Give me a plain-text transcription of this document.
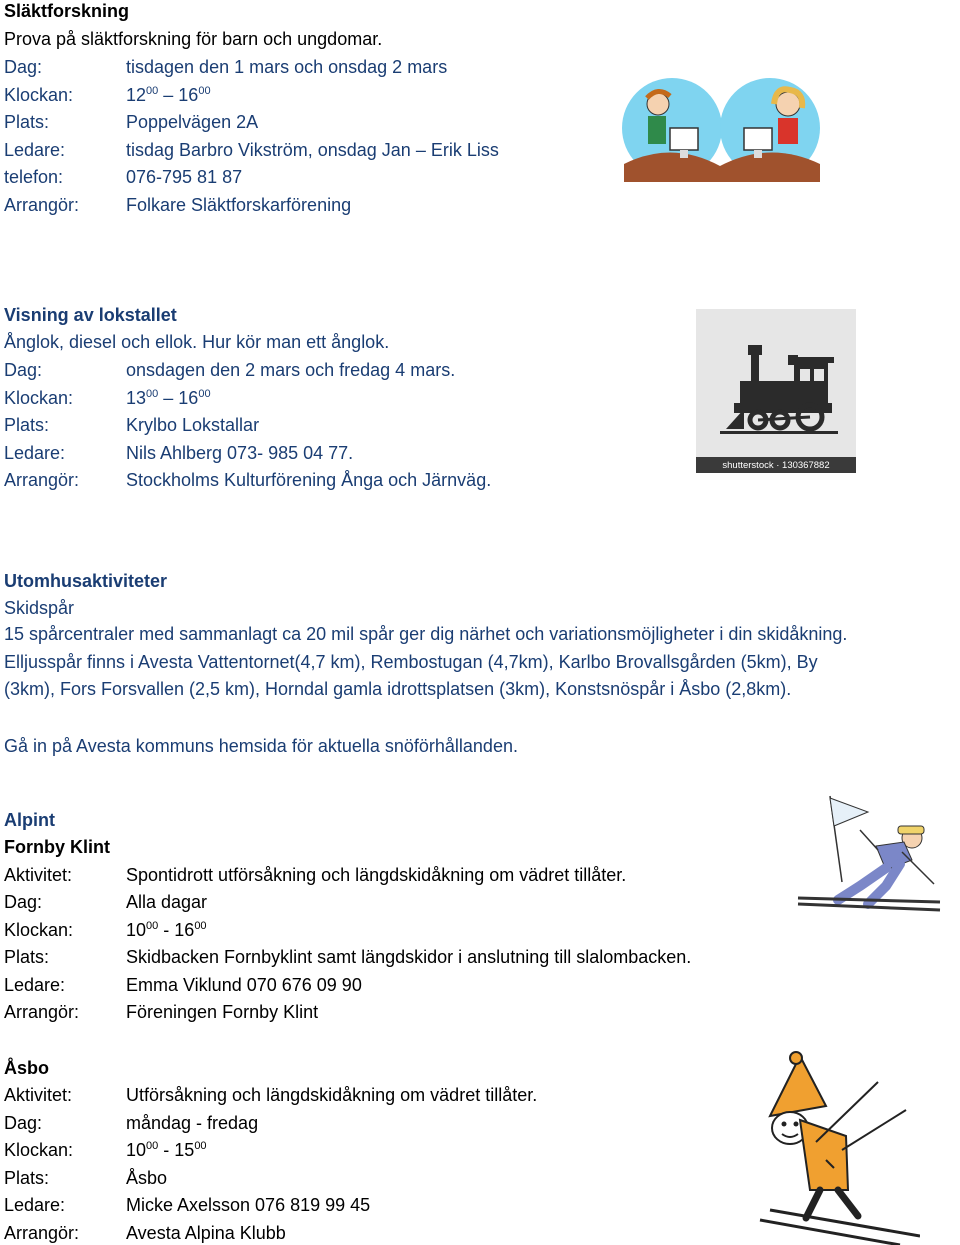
Släktforskning
Prova på släktforskning för barn och ungdomar.
Dag:	tisdagen den 1 mars och onsdag 2 mars
Klockan:	$12^{00} - 16^{00}$
Plats:	Poppelvägen 2A
Ledare:	tisdag Barbro Vikström, onsdag Jan – Erik Liss
telefon:	076-795 81 87
Arrangör:	Folkare Släktforskarförening
Visning av lokstallet
Ånglok, diesel och ellok. Hur kör man ett ånglok.
Dag:	onsdagen den 2 mars och fredag 4 mars.
Klockan:	$13^{00} - 16^{00}$
Plats:	Krylbo Lokstallar
Ledare:	Nils Ahlberg 073- 985 04 77.
Arrangör:	Stockholms Kulturförening Ånga och Järnväg.
shutterstock · 130367882
Utomhusaktiviteter
Skidspår
15 spårcentraler med sammanlagt ca 20 mil spår ger dig närhet och variationsmöjligheter i din skidåkning. Elljusspår finns i Avesta Vattentornet(4,7 km), Rembostugan (4,7km), Karlbo Brovallsgården (5km), By (3km), Fors Forsvallen (2,5 km), Horndal gamla idrottsplatsen (3km), Konstsnöspår i Åsbo (2,8km).
Gå in på Avesta kommuns hemsida för aktuella snöförhållanden.
Alpint
Fornby Klint
Aktivitet:	Spontidrott utförsåkning och längdskidåkning om vädret tillåter.
Dag:	Alla dagar
Klockan:	$10^{00} - 16^{00}$
Plats:	Skidbacken Fornbyklint samt längdskidor i anslutning till slalombacken.
Ledare:	Emma Viklund 070 676 09 90
Arrangör:	Föreningen Fornby Klint
Åsbo
Aktivitet:	Utförsåkning och längdskidåkning om vädret tillåter.
Dag:	måndag - fredag
Klockan:	$10^{00} - 15^{00}$
Plats:	Åsbo
Ledare:	Micke Axelsson 076 819 99 45
Arrangör:	Avesta Alpina Klubb
